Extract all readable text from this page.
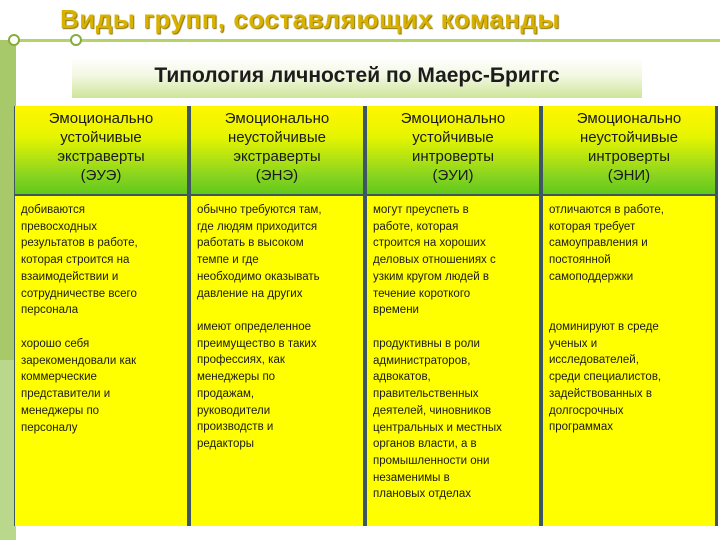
Виды групп, составляющих команды
Типология личностей по Маерс-Бриггс
Эмоционально
устойчивые
экстраверты
(ЭУЭ)
Эмоционально
неустойчивые
экстраверты
(ЭНЭ)
Эмоционально
устойчивые
интроверты
(ЭУИ)
Эмоционально
неустойчивые
интроверты
(ЭНИ)
добиваются
превосходных
результатов в работе,
которая строится на
взаимодействии и
сотрудничестве всего
персонала
хорошо себя
зарекомендовали как
коммерческие
представители и
менеджеры по
персоналу
обычно требуются там,
где людям приходится
работать в высоком
темпе и где
необходимо оказывать
давление на других
имеют определенное
преимущество в таких
профессиях, как
менеджеры по
продажам,
руководители
производств и
редакторы
могут преуспеть в
работе, которая
строится на хороших
деловых отношениях с
узким кругом людей в
течение короткого
времени
продуктивны в роли
администраторов,
адвокатов,
правительственных
деятелей, чиновников
центральных и местных
органов власти, а в
промышленности они
незаменимы в
плановых отделах
отличаются в работе,
которая требует
самоуправления и
постоянной
самоподдержки
доминируют в среде
ученых и
исследователей,
среди специалистов,
задействованных в
долгосрочных
программах
